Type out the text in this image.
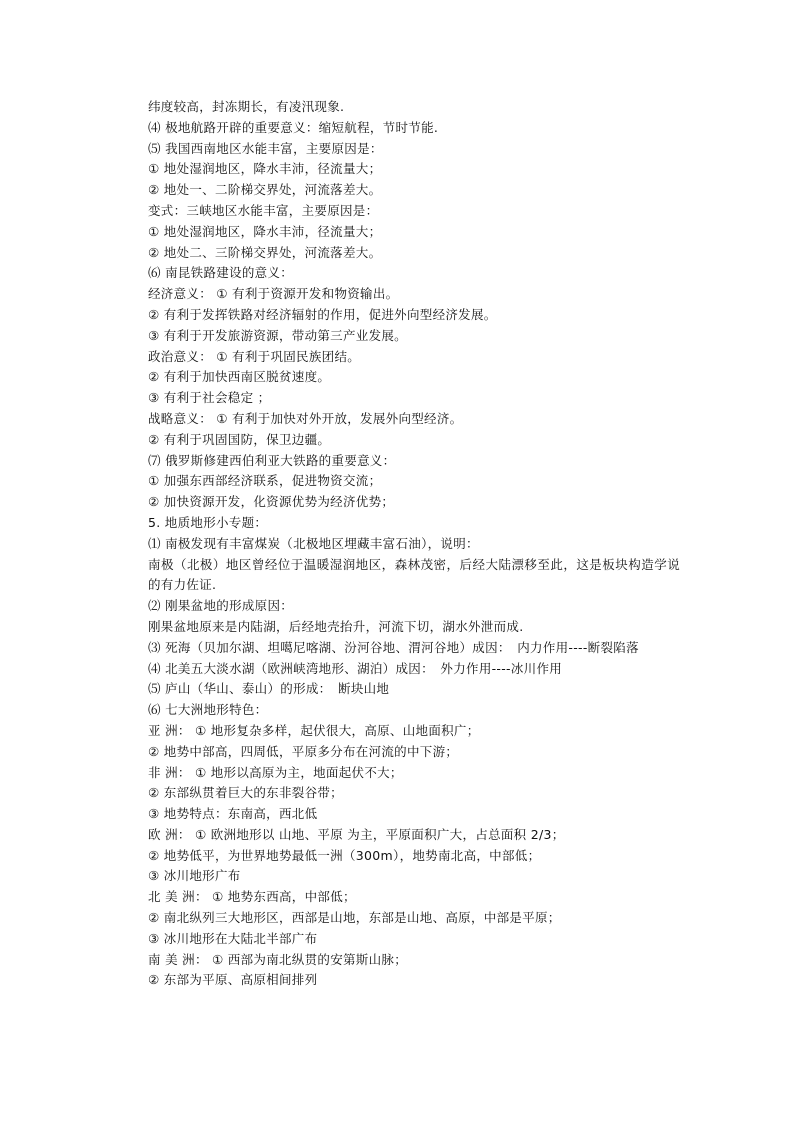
纬度较高，封冻期长，有凌汛现象.
⑷ 极地航路开辟的重要意义：缩短航程，节时节能.
⑸ 我国西南地区水能丰富，主要原因是：
① 地处湿润地区，降水丰沛，径流量大；
② 地处一、二阶梯交界处，河流落差大。
变式：三峡地区水能丰富，主要原因是：
① 地处湿润地区，降水丰沛，径流量大；
② 地处二、三阶梯交界处，河流落差大。
⑹ 南昆铁路建设的意义：
经济意义： ① 有利于资源开发和物资输出。
② 有利于发挥铁路对经济辐射的作用，促进外向型经济发展。
③ 有利于开发旅游资源，带动第三产业发展。
政治意义： ① 有利于巩固民族团结。
② 有利于加快西南区脱贫速度。
③ 有利于社会稳定 ；
战略意义： ① 有利于加快对外开放，发展外向型经济。
② 有利于巩固国防，保卫边疆。
⑺ 俄罗斯修建西伯利亚大铁路的重要意义：
① 加强东西部经济联系，促进物资交流；
② 加快资源开发，化资源优势为经济优势；
5. 地质地形小专题：
⑴ 南极发现有丰富煤炭（北极地区埋藏丰富石油），说明：
南极（北极）地区曾经位于温暖湿润地区，森林茂密，后经大陆漂移至此，这是板块构造学说的有力佐证.
⑵ 刚果盆地的形成原因：
刚果盆地原来是内陆湖，后经地壳抬升，河流下切，湖水外泄而成.
⑶ 死海（贝加尔湖、坦噶尼喀湖、汾河谷地、渭河谷地）成因：　内力作用----断裂陷落
⑷ 北美五大淡水湖（欧洲峡湾地形、湖泊）成因：　外力作用----冰川作用
⑸ 庐山（华山、泰山）的形成：　断块山地
⑹ 七大洲地形特色：
亚 洲： ① 地形复杂多样，起伏很大，高原、山地面积广；
② 地势中部高，四周低，平原多分布在河流的中下游；
非 洲： ① 地形以高原为主，地面起伏不大；
② 东部纵贯着巨大的东非裂谷带；
③ 地势特点：东南高，西北低
欧 洲： ① 欧洲地形以 山地、平原 为主，平原面积广大，占总面积 2/3；
② 地势低平，为世界地势最低一洲（300m），地势南北高，中部低；
③ 冰川地形广布
北 美 洲： ① 地势东西高，中部低；
② 南北纵列三大地形区，西部是山地，东部是山地、高原，中部是平原；
③ 冰川地形在大陆北半部广布
南 美 洲： ① 西部为南北纵贯的安第斯山脉；
② 东部为平原、高原相间排列
